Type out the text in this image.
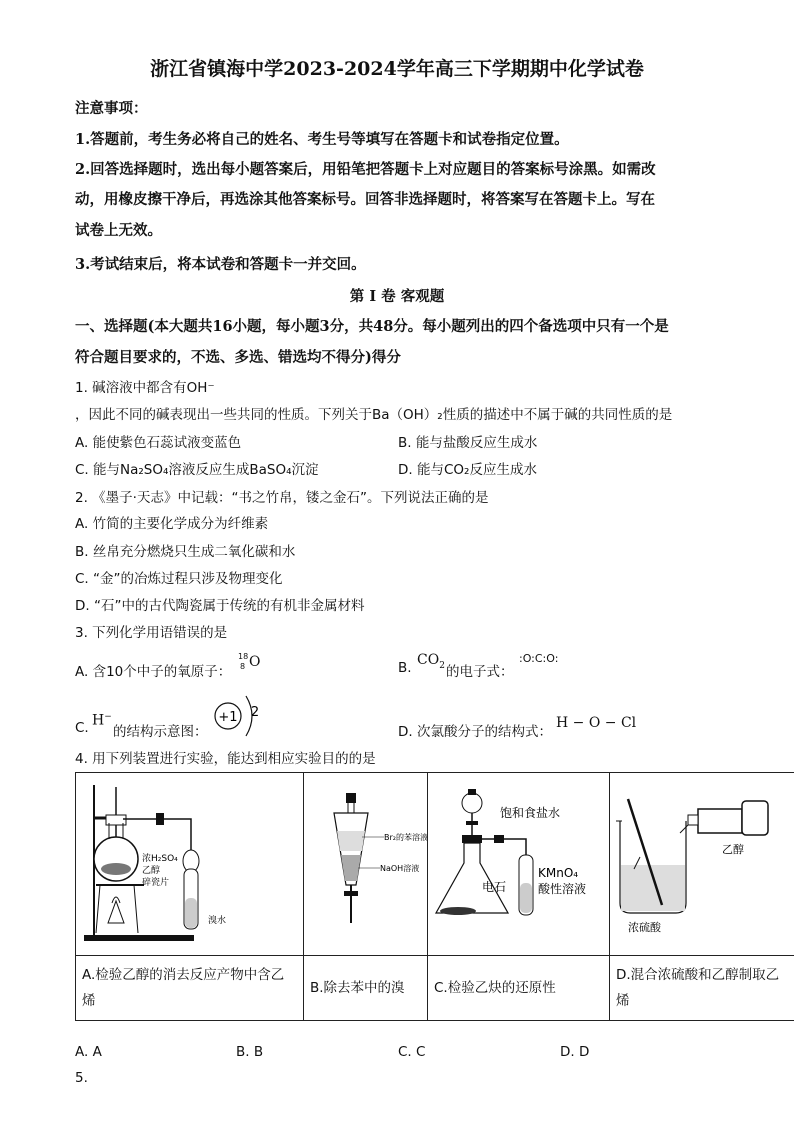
浙江省镇海中学2023-2024学年高三下学期期中化学试卷
注意事项：
1.答题前，考生务必将自己的姓名、考生号等填写在答题卡和试卷指定位置。
2.回答选择题时，选出每小题答案后，用铅笔把答题卡上对应题目的答案标号涂黑。如需改
动，用橡皮擦干净后，再选涂其他答案标号。回答非选择题时，将答案写在答题卡上。写在
试卷上无效。
3.考试结束后，将本试卷和答题卡一并交回。
第 I 卷 客观题
一、选择题(本大题共16小题，每小题3分，共48分。每小题列出的四个备选项中只有一个是
符合题目要求的，不选、多选、错选均不得分)得分
1. 碱溶液中都含有OH⁻
，因此不同的碱表现出一些共同的性质。下列关于Ba（OH）₂性质的描述中不属于碱的共同性质的是
A. 能使紫色石蕊试液变蓝色	B. 能与盐酸反应生成水
C. 能与Na₂SO₄溶液反应生成BaSO₄沉淀	D. 能与CO₂反应生成水
2. 《墨子·天志》中记载：“书之竹帛，镂之金石”。下列说法正确的是
A. 竹简的主要化学成分为纤维素
B. 丝帛充分燃烧只生成二氧化碳和水
C. “金”的冶炼过程只涉及物理变化
D. “石”中的古代陶瓷属于传统的有机非金属材料
3. 下列化学用语错误的是
A. 含10个中子的氧原子：
18
8 O	B. $CO_2$ 的电子式：
:O:C:O:
C. H−
的结构示意图：
+1 2
D. 次氯酸分子的结构式：
H − O − Cl
4. 用下列装置进行实验，能达到相应实验目的的是
浓H₂SO₄
乙醇
碎瓷片
溴水	Br₂的苯溶液
NaOH溶液	饱和食盐水
电石
KMnO₄
酸性溶液	乙醇
浓硫酸

A.检验乙醇的消去反应产物中含乙烯	B.除去苯中的溴	C.检验乙炔的还原性	D.混合浓硫酸和乙醇制取乙烯
A. A	B. B	C. C	D. D
5.
